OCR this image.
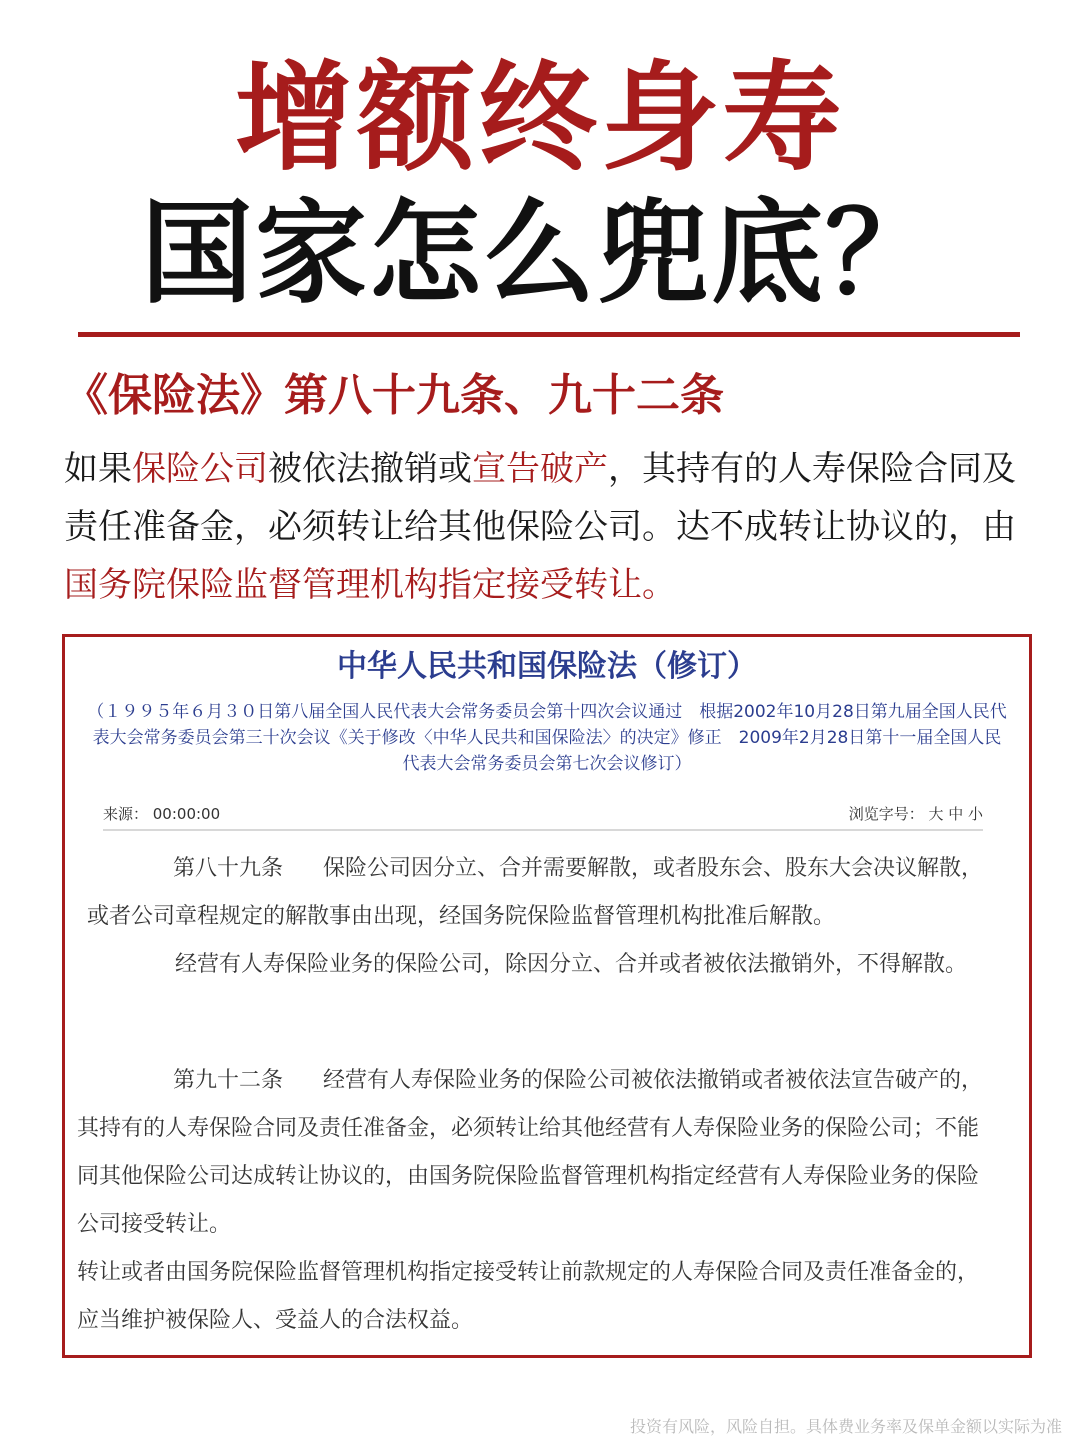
增额终身寿
国家怎么兜底？
《保险法》第八十九条、九十二条

如果保险公司被依法撤销或宣告破产，其持有的人寿保险合同及责任准备金，必须转让给其他保险公司。达不成转让协议的，由国务院保险监督管理机构指定接受转让。

中华人民共和国保险法（修订）
（１９９５年６月３０日第八届全国人民代表大会常务委员会第十四次会议通过　根据2002年10月28日第九届全国人民代表大会常务委员会第三十次会议《关于修改〈中华人民共和国保险法〉的决定》修正　2009年2月28日第十一届全国人民代表大会常务委员会第七次会议修订）
来源： 00:00:00	浏览字号： 大 中 小

第八十九条 保险公司因分立、合并需要解散，或者股东会、股东大会决议解散，或者公司章程规定的解散事由出现，经国务院保险监督管理机构批准后解散。

经营有人寿保险业务的保险公司，除因分立、合并或者被依法撤销外，不得解散。

第九十二条 经营有人寿保险业务的保险公司被依法撤销或者被依法宣告破产的，其持有的人寿保险合同及责任准备金，必须转让给其他经营有人寿保险业务的保险公司；不能同其他保险公司达成转让协议的，由国务院保险监督管理机构指定经营有人寿保险业务的保险公司接受转让。

转让或者由国务院保险监督管理机构指定接受转让前款规定的人寿保险合同及责任准备金的，应当维护被保险人、受益人的合法权益。

投资有风险，风险自担。具体费业务率及保单金额以实际为准
